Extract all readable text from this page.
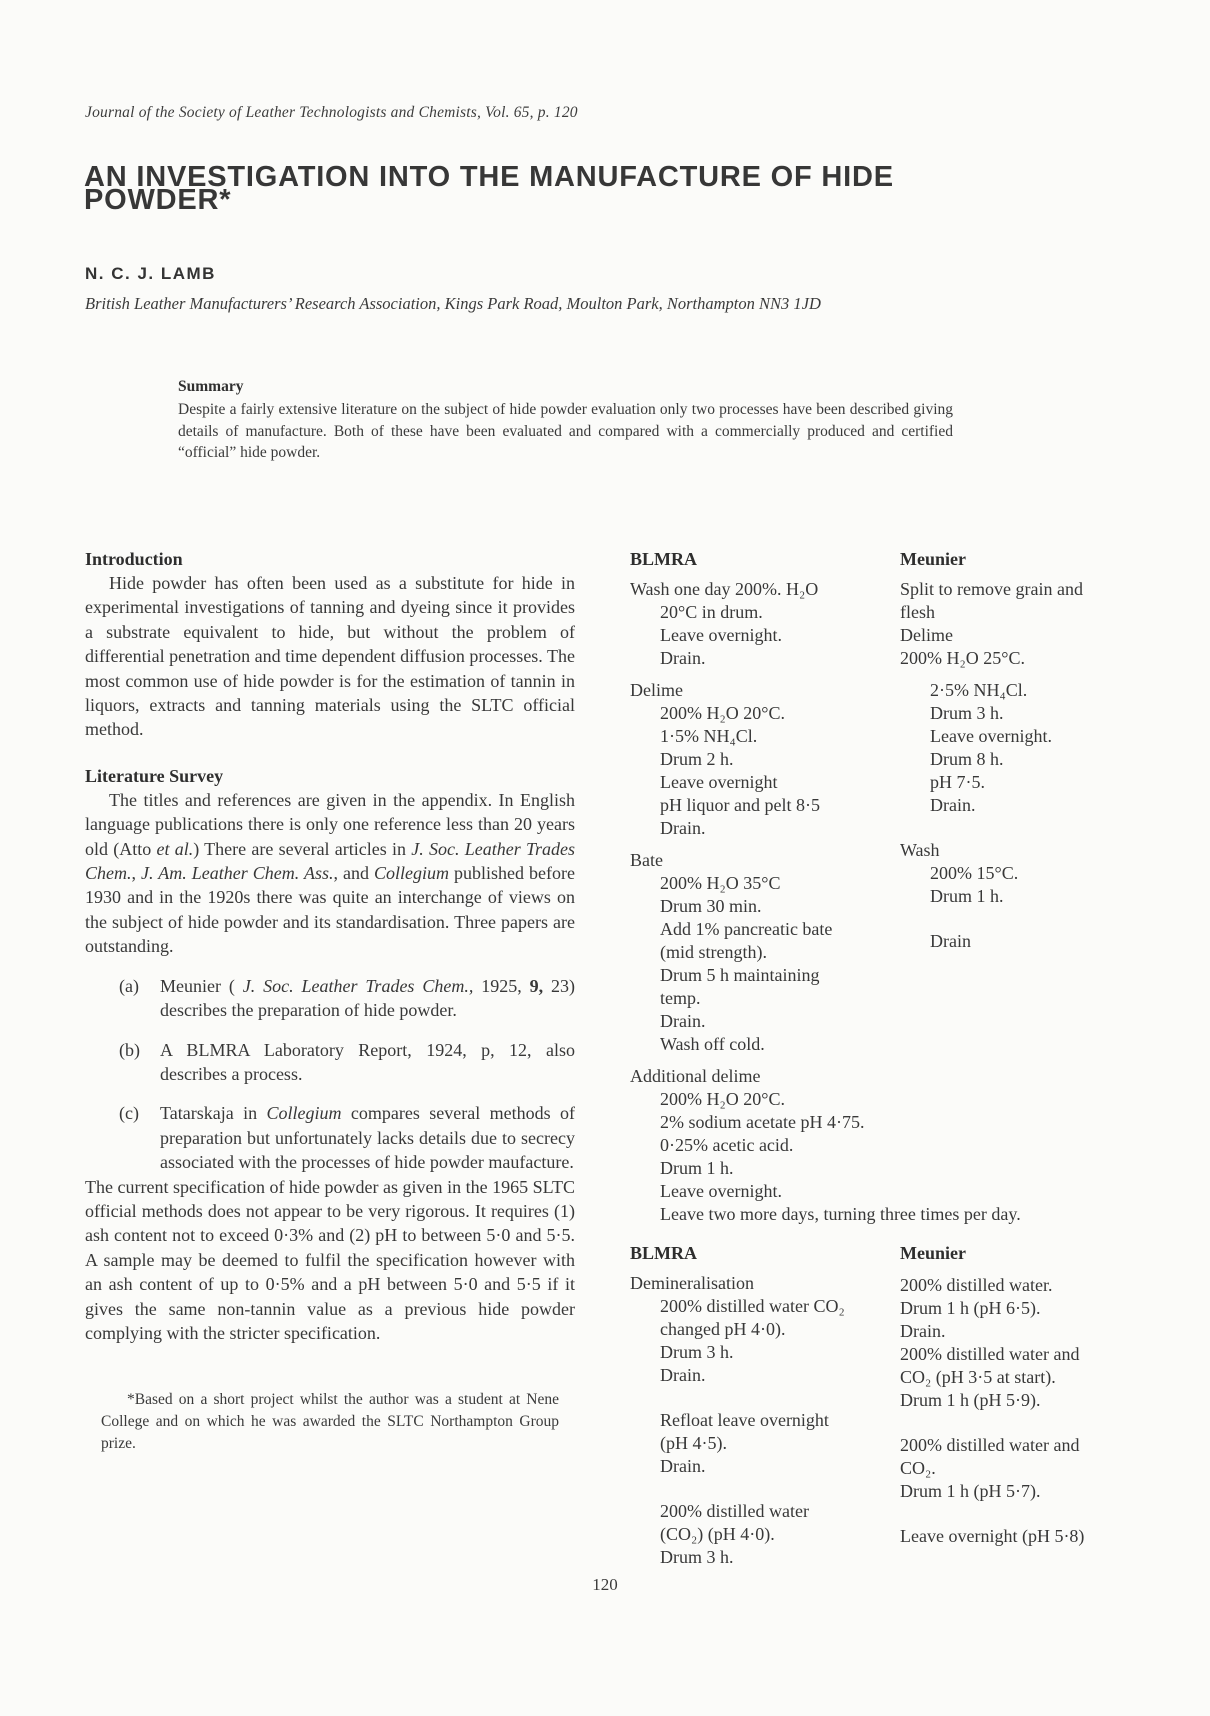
Journal of the Society of Leather Technologists and Chemists, Vol. 65, p. 120
AN INVESTIGATION INTO THE MANUFACTURE OF HIDE
POWDER*
N. C. J. LAMB
British Leather Manufacturers’ Research Association, Kings Park Road, Moulton Park, Northampton NN3 1JD
Summary
Despite a fairly extensive literature on the subject of hide powder evaluation only two processes have been described giving details of manufacture. Both of these have been evaluated and compared with a commercially produced and certified “official” hide powder.
Introduction

Hide powder has often been used as a substitute for hide in experimental investigations of tanning and dyeing since it provides a substrate equivalent to hide, but without the problem of differential penetration and time dependent diffusion processes. The most common use of hide powder is for the estimation of tannin in liquors, extracts and tanning materials using the SLTC official method.

Literature Survey

The titles and references are given in the appendix. In English language publications there is only one reference less than 20 years old (Atto et al.) There are several articles in J. Soc. Leather Trades Chem., J. Am. Leather Chem. Ass., and Collegium published before 1930 and in the 1920s there was quite an interchange of views on the subject of hide powder and its standardisation. Three papers are outstanding.

(a) Meunier ( J. Soc. Leather Trades Chem., 1925, 9, 23) describes the preparation of hide powder.
(b) A BLMRA Laboratory Report, 1924, p, 12, also describes a process.
(c) Tatarskaja in Collegium compares several methods of preparation but unfortunately lacks details due to secrecy associated with the processes of hide powder maufacture.

The current specification of hide powder as given in the 1965 SLTC official methods does not appear to be very rigorous. It requires (1) ash content not to exceed 0·3% and (2) pH to between 5·0 and 5·5. A sample may be deemed to fulfil the specification however with an ash content of up to 0·5% and a pH between 5·0 and 5·5 if it gives the same non-tannin value as a previous hide powder complying with the stricter specification.

*Based on a short project whilst the author was a student at Nene College and on which he was awarded the SLTC Northampton Group prize.
BLMRA
Wash one day 200%. H₂O
20°C in drum.
Leave overnight.
Drain.
Delime
200% H₂O 20°C.
1·5% NH₄Cl.
Drum 2 h.
Leave overnight
pH liquor and pelt 8·5
Drain.
Bate
200% H₂O 35°C
Drum 30 min.
Add 1% pancreatic bate
(mid strength).
Drum 5 h maintaining
temp.
Drain.
Wash off cold.
Meunier
Split to remove grain and
flesh
Delime
200% H₂O 25°C.
2·5% NH₄Cl.
Drum 3 h.
Leave overnight.
Drum 8 h.
pH 7·5.
Drain.
Wash
200% 15°C.
Drum 1 h.
Drain
Additional delime
200% H₂O 20°C.
2% sodium acetate pH 4·75.
0·25% acetic acid.
Drum 1 h.
Leave overnight.
Leave two more days, turning three times per day.
BLMRA
Demineralisation
200% distilled water CO₂
changed pH 4·0).
Drum 3 h.
Drain.
Refloat leave overnight
(pH 4·5).
Drain.
200% distilled water
(CO₂) (pH 4·0).
Drum 3 h.
Meunier
200% distilled water.
Drum 1 h (pH 6·5).
Drain.
200% distilled water and
CO₂ (pH 3·5 at start).
Drum 1 h (pH 5·9).
200% distilled water and
CO₂.
Drum 1 h (pH 5·7).
Leave overnight (pH 5·8)
120
